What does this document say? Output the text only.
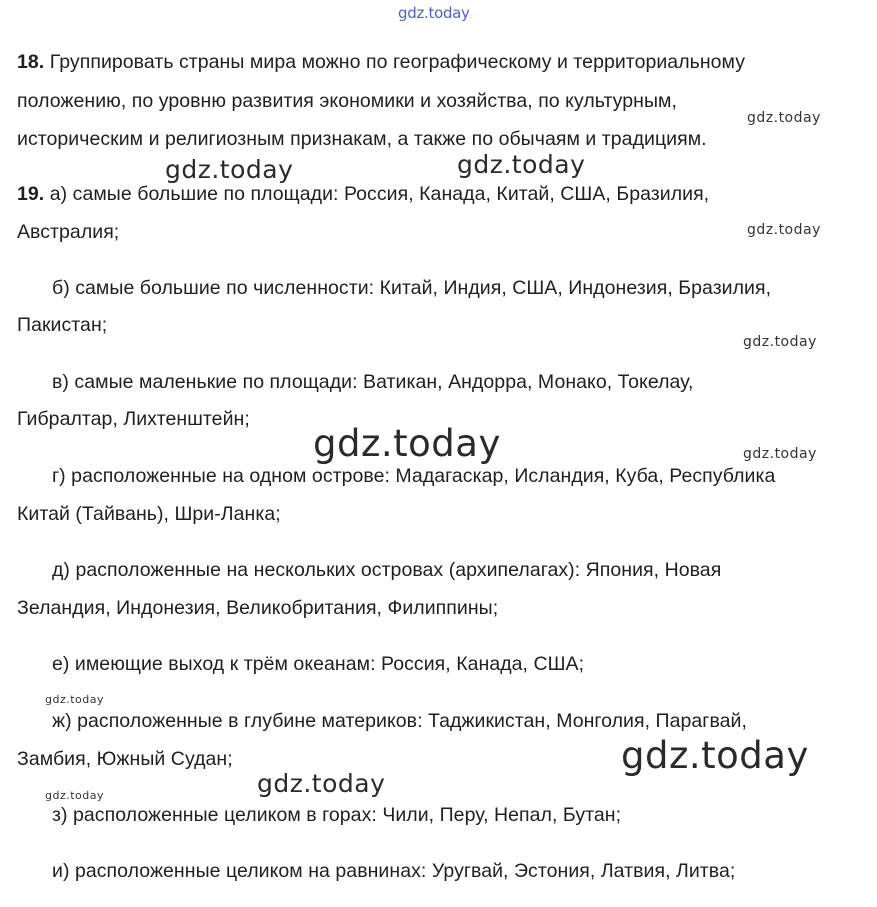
gdz.today
gdz.today
gdz.today	gdz.today
gdz.today
gdz.today
gdz.today	gdz.today
gdz.today
gdz.today
gdz.today
gdz.today
18. Группировать страны мира можно по географическому и территориальному
положению, по уровню развития экономики и хозяйства, по культурным,
историческим и религиозным признакам, а также по обычаям и традициям.
19. а) самые большие по площади: Россия, Канада, Китай, США, Бразилия,
Австралия;
б) самые большие по численности: Китай, Индия, США, Индонезия, Бразилия,
Пакистан;
в) самые маленькие по площади: Ватикан, Андорра, Монако, Токелау,
Гибралтар, Лихтенштейн;
г) расположенные на одном острове: Мадагаскар, Исландия, Куба, Республика
Китай (Тайвань), Шри-Ланка;
д) расположенные на нескольких островах (архипелагах): Япония, Новая
Зеландия, Индонезия, Великобритания, Филиппины;
е) имеющие выход к трём океанам: Россия, Канада, США;
ж) расположенные в глубине материков: Таджикистан, Монголия, Парагвай,
Замбия, Южный Судан;
з) расположенные целиком в горах: Чили, Перу, Непал, Бутан;
и) расположенные целиком на равнинах: Уругвай, Эстония, Латвия, Литва;
